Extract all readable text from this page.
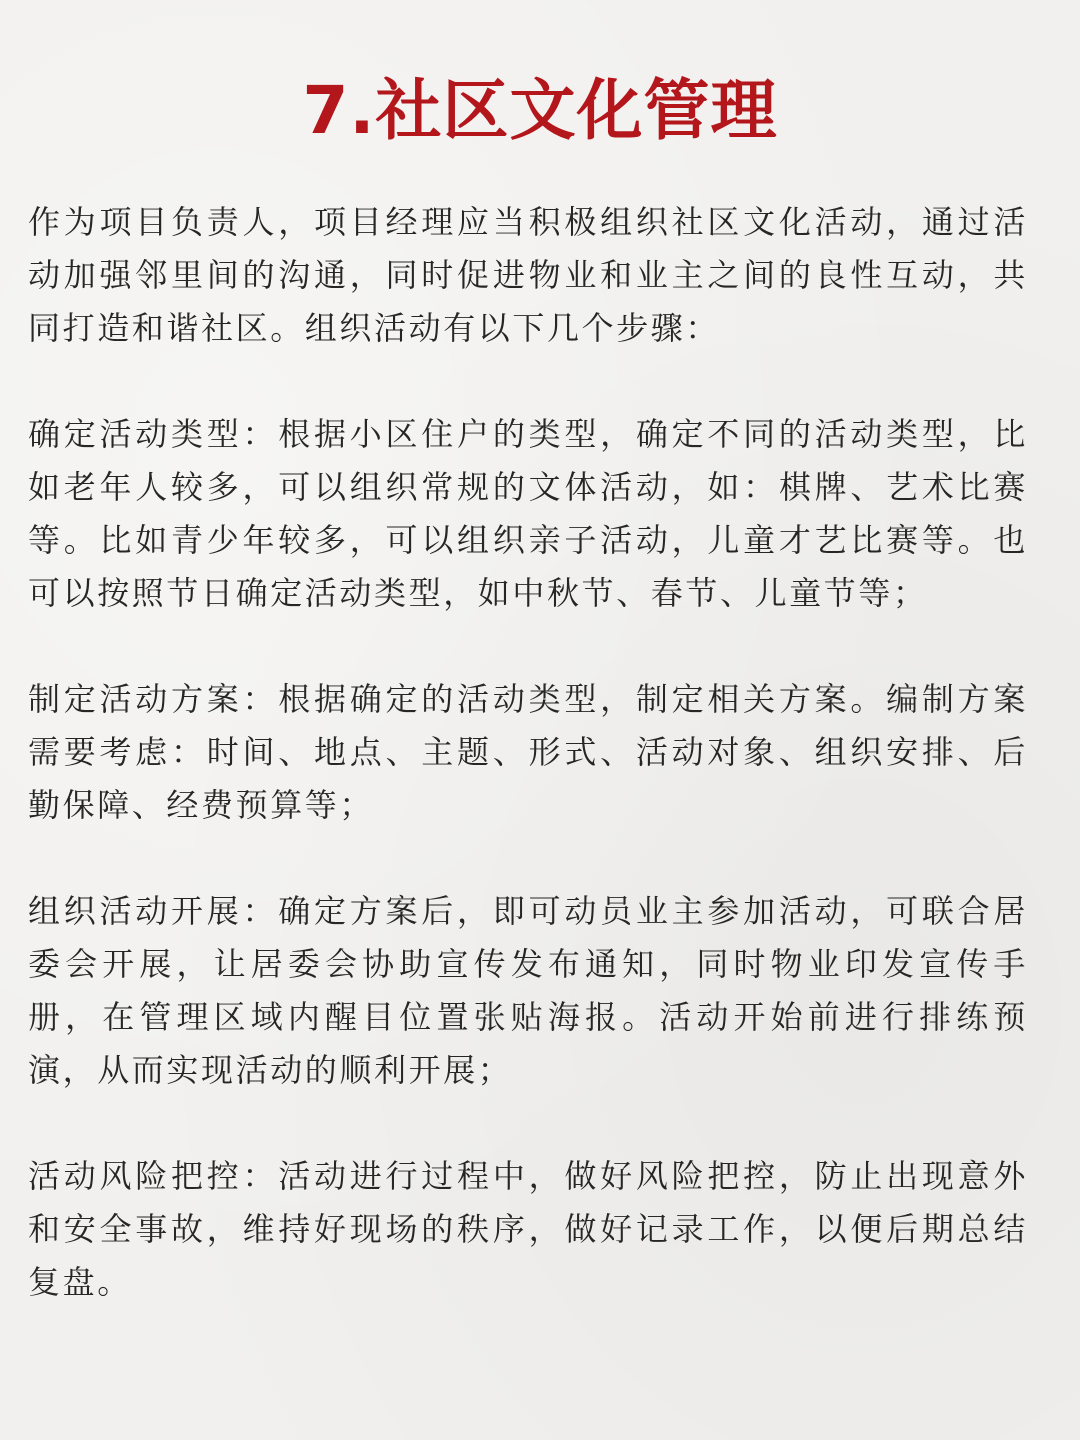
7.社区文化管理

作为项目负责人，项目经理应当积极组织社区文化活动，通过活动加强邻里间的沟通，同时促进物业和业主之间的良性互动，共同打造和谐社区。组织活动有以下几个步骤：

确定活动类型：根据小区住户的类型，确定不同的活动类型，比如老年人较多，可以组织常规的文体活动，如：棋牌、艺术比赛等。比如青少年较多，可以组织亲子活动，儿童才艺比赛等。也可以按照节日确定活动类型，如中秋节、春节、儿童节等；

制定活动方案：根据确定的活动类型，制定相关方案。编制方案需要考虑：时间、地点、主题、形式、活动对象、组织安排、后勤保障、经费预算等；

组织活动开展：确定方案后，即可动员业主参加活动，可联合居委会开展，让居委会协助宣传发布通知，同时物业印发宣传手册，在管理区域内醒目位置张贴海报。活动开始前进行排练预演，从而实现活动的顺利开展；

活动风险把控：活动进行过程中，做好风险把控，防止出现意外和安全事故，维持好现场的秩序，做好记录工作，以便后期总结复盘。
